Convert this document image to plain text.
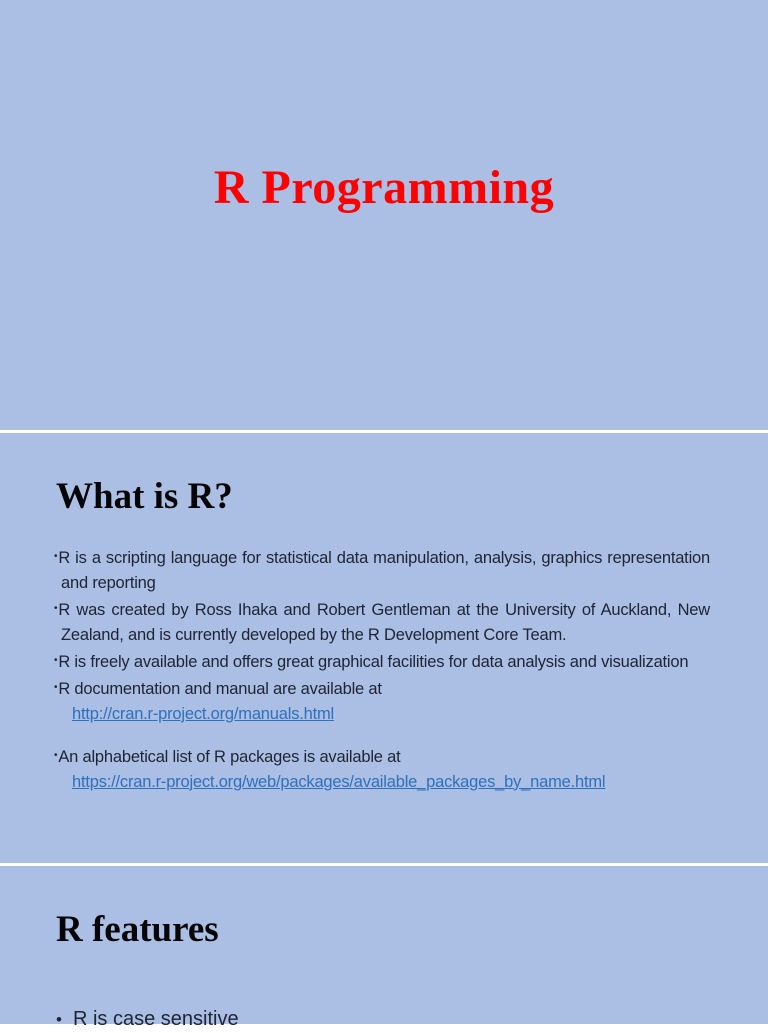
R Programming
What is R?

•R is a scripting language for statistical data manipulation, analysis, graphics representation and reporting

•R was created by Ross Ihaka and Robert Gentleman at the University of Auckland, New Zealand, and is currently developed by the R Development Core Team.

•R is freely available and offers great graphical facilities for data analysis and visualization

•R documentation and manual are available at

http://cran.r-project.org/manuals.html

•An alphabetical list of R packages is available at

https://cran.r-project.org/web/packages/available_packages_by_name.html

R features

• R is case sensitive
